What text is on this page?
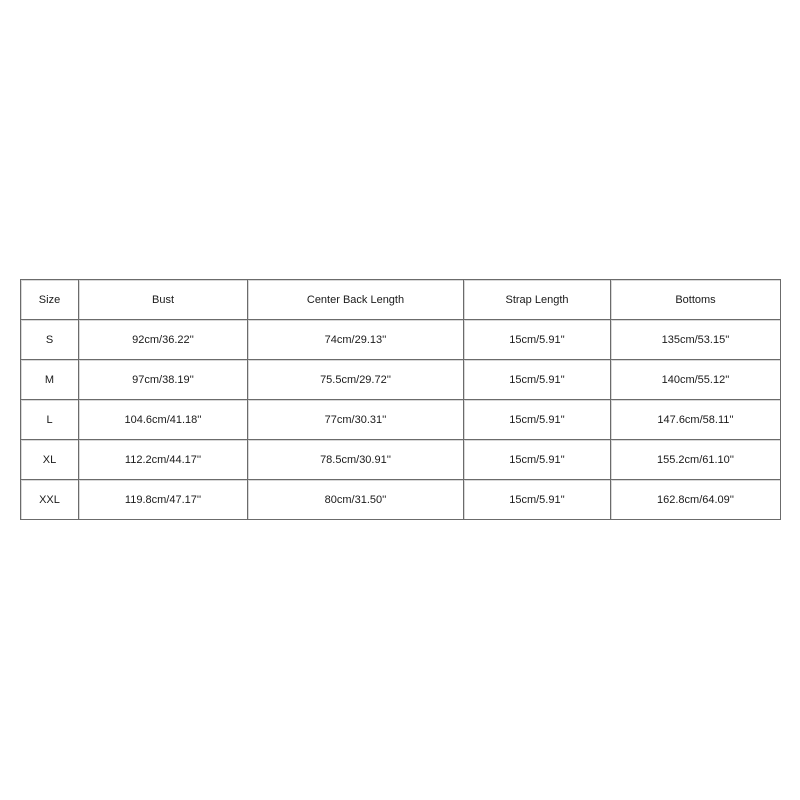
Size	Bust	Center Back Length	Strap Length	Bottoms
S	92cm/36.22''	74cm/29.13''	15cm/5.91''	135cm/53.15''
M	97cm/38.19''	75.5cm/29.72''	15cm/5.91''	140cm/55.12''
L	104.6cm/41.18''	77cm/30.31''	15cm/5.91''	147.6cm/58.11''
XL	112.2cm/44.17''	78.5cm/30.91''	15cm/5.91''	155.2cm/61.10''
XXL	119.8cm/47.17''	80cm/31.50''	15cm/5.91''	162.8cm/64.09''
